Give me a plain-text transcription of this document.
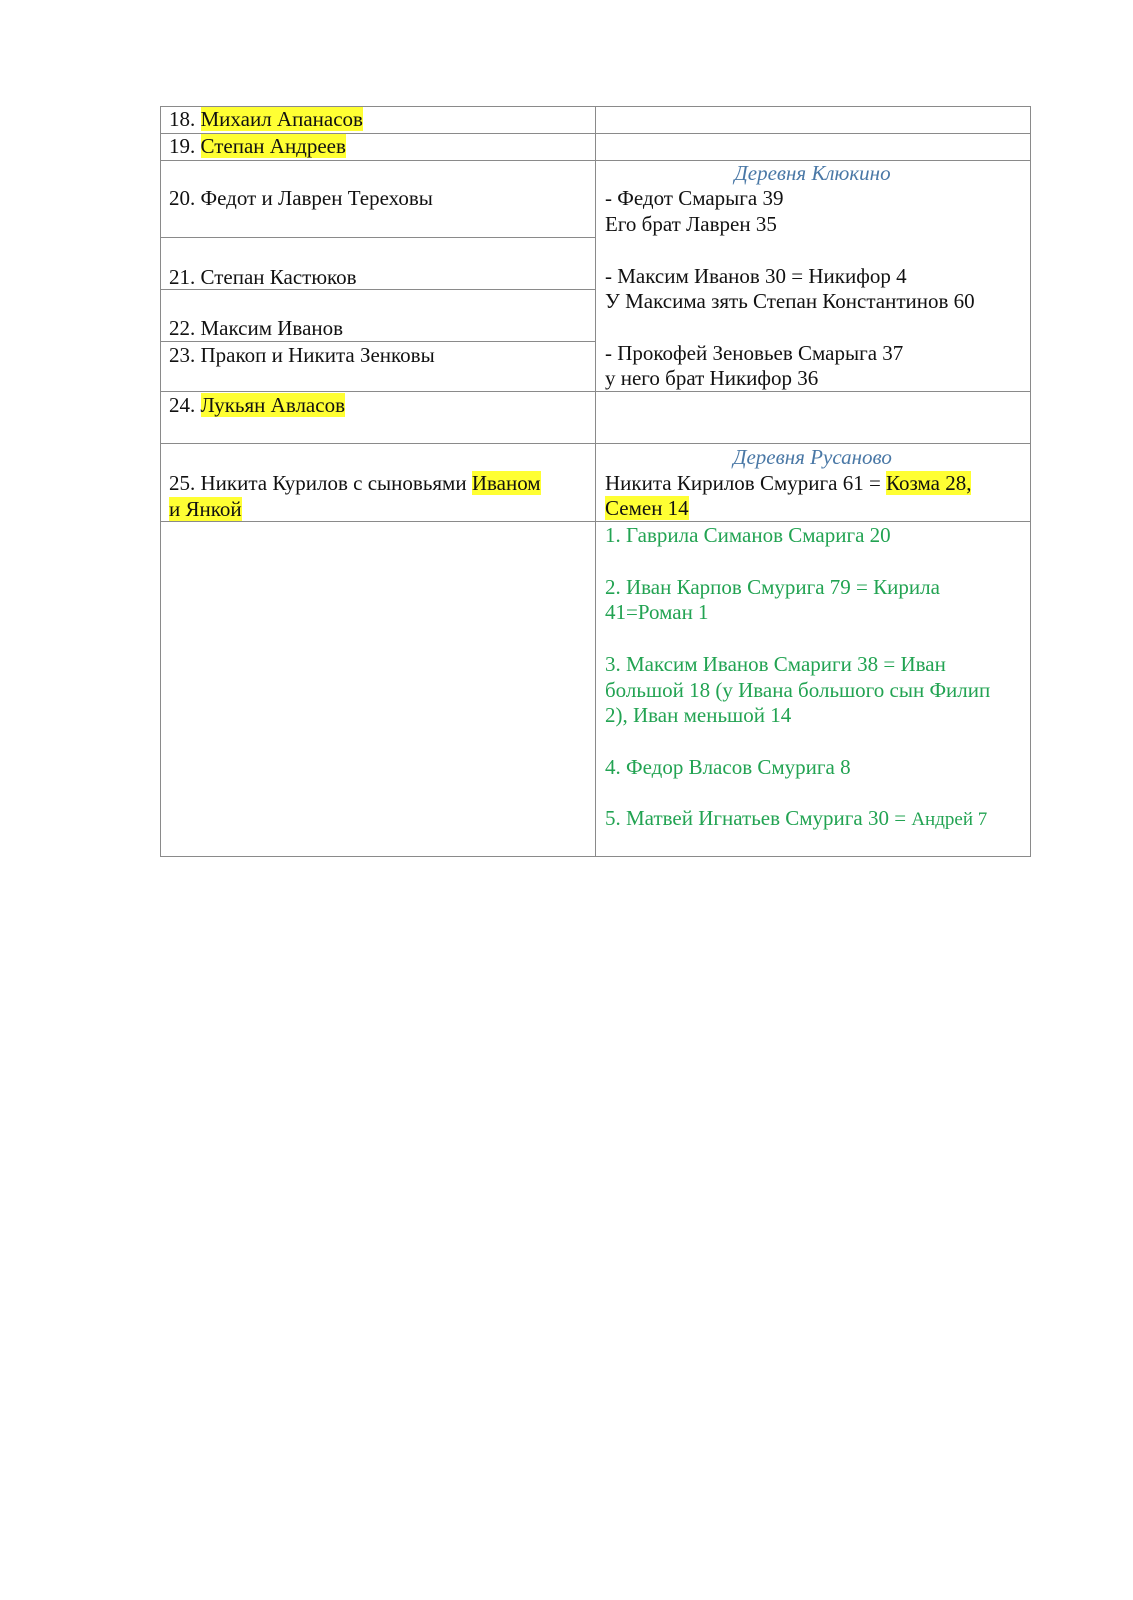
18. Михаил Апанасов
19. Степан Андреев
20. Федот и Лаврен Тереховы
21. Степан Кастюков
22. Максим Иванов
23. Пракоп и Никита Зенковы
24. Лукьян Авласов
25. Никита Курилов с сыновьями Иваном
и Янкой
Деревня Клюкино
- Федот Смарыга 39
Его брат Лаврен 35
- Максим Иванов 30 = Никифор 4
У Максима зять Степан Константинов 60
- Прокофей Зеновьев Смарыга 37
у него брат Никифор 36
Деревня Русаново
Никита Кирилов Смурига 61 = Козма 28,
Семен 14
1. Гаврила Симанов Смарига 20
2. Иван Карпов Смурига 79 = Кирила
41=Роман 1
3. Максим Иванов Смариги 38 = Иван
большой 18 (у Ивана большого сын Филип
2), Иван меньшой 14
4. Федор Власов Смурига 8
5. Матвей Игнатьев Смурига 30 = Андрей 7
